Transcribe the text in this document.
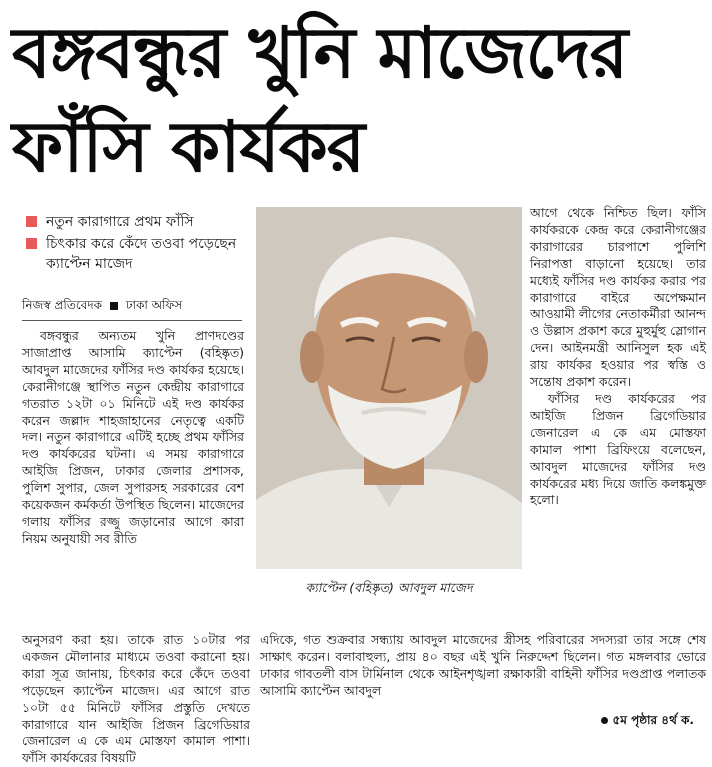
বঙ্গবন্ধুর খুনি মাজেদের
ফাঁসি কার্যকর
নতুন কারাগারে প্রথম ফাঁসি
চিৎকার করে কেঁদে তওবা পড়েছেন ক্যাপ্টেন মাজেদ
নিজস্ব প্রতিবেদক ঢাকা অফিস

বঙ্গবন্ধুর অন্যতম খুনি প্রাণদণ্ডের সাজাপ্রাপ্ত আসামি ক্যাপ্টেন (বহিষ্কৃত) আবদুল মাজেদের ফাঁসির দণ্ড কার্যকর হয়েছে। কেরানীগঞ্জে স্থাপিত নতুন কেন্দ্রীয় কারাগারে গতরাত ১২টা ০১ মিনিটে এই দণ্ড কার্যকর করেন জল্লাদ শাহজাহানের নেতৃত্বে একটি দল। নতুন কারাগারে এটিই হচ্ছে প্রথম ফাঁসির দণ্ড কার্যকরের ঘটনা। এ সময় কারাগারে আইজি প্রিজন, ঢাকার জেলার প্রশাসক, পুলিশ সুপার, জেল সুপারসহ সরকারের বেশ কয়েকজন কর্মকর্তা উপস্থিত ছিলেন। মাজেদের গলায় ফাঁসির রজ্জু জড়ানোর আগে কারা নিয়ম অনুযায়ী সব রীতি

ক্যাপ্টেন (বহিষ্কৃত) আবদুল মাজেদ

আগে থেকে নিশ্চিত ছিল। ফাঁসি কার্যকরকে কেন্দ্র করে কেরানীগঞ্জের কারাগারের চারপাশে পুলিশি নিরাপত্তা বাড়ানো হয়েছে। তার মধ্যেই ফাঁসির দণ্ড কার্যকর করার পর কারাগারে বাইরে অপেক্ষমান আওয়ামী লীগের নেতাকর্মীরা আনন্দ ও উল্লাস প্রকাশ করে মুহুর্মুহু স্লোগান দেন। আইনমন্ত্রী আনিসুল হক এই রায় কার্যকর হওয়ার পর স্বস্তি ও সন্তোষ প্রকাশ করেন।

ফাঁসির দণ্ড কার্যকরের পর আইজি প্রিজন ব্রিগেডিয়ার জেনারেল এ কে এম মোস্তফা কামাল পাশা ব্রিফিংয়ে বলেছেন, আবদুল মাজেদের ফাঁসির দণ্ড কার্যকরের মধ্য দিয়ে জাতি কলঙ্কমুক্ত হলো।

অনুসরণ করা হয়। তাকে রাত ১০টার পর একজন মৌলানার মাধ্যমে তওবা করানো হয়। কারা সূত্র জানায়, চিৎকার করে কেঁদে তওবা পড়েছেন ক্যাপ্টেন মাজেদ। এর আগে রাত ১০টা ৫৫ মিনিটে ফাঁসির প্রস্তুতি দেখতে কারাগারে যান আইজি প্রিজন ব্রিগেডিয়ার জেনারেল এ কে এম মোস্তফা কামাল পাশা। ফাঁসি কার্যকরের বিষয়টি
এদিকে, গত শুক্রবার সন্ধ্যায় আবদুল মাজেদের স্ত্রীসহ পরিবারের সদস্যরা তার সঙ্গে শেষ সাক্ষাৎ করেন। বলাবাহুল্য, প্রায় ৪০ বছর এই খুনি নিরুদ্দেশ ছিলেন। গত মঙ্গলবার ভোরে ঢাকার গাবতলী বাস টার্মিনাল থেকে আইনশৃঙ্খলা রক্ষাকারী বাহিনী ফাঁসির দণ্ডপ্রাপ্ত পলাতক আসামি ক্যাপ্টেন আবদুল
৫ম পৃষ্ঠার ৪র্থ ক.
